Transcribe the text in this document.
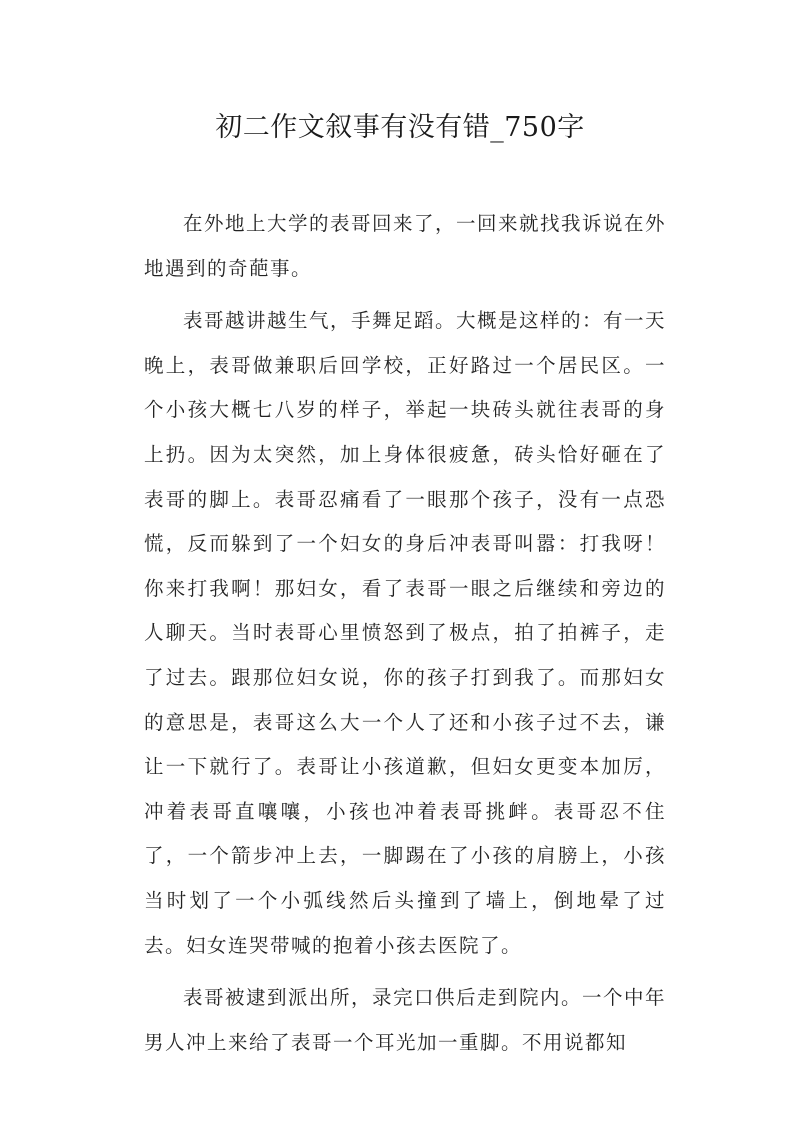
初二作文叙事有没有错_750字

在外地上大学的表哥回来了，一回来就找我诉说在外地遇到的奇葩事。

表哥越讲越生气，手舞足蹈。大概是这样的：有一天晚上，表哥做兼职后回学校，正好路过一个居民区。一个小孩大概七八岁的样子，举起一块砖头就往表哥的身上扔。因为太突然，加上身体很疲惫，砖头恰好砸在了表哥的脚上。表哥忍痛看了一眼那个孩子，没有一点恐慌，反而躲到了一个妇女的身后冲表哥叫嚣：打我呀！你来打我啊！那妇女，看了表哥一眼之后继续和旁边的人聊天。当时表哥心里愤怒到了极点，拍了拍裤子，走了过去。跟那位妇女说，你的孩子打到我了。而那妇女的意思是，表哥这么大一个人了还和小孩子过不去，谦让一下就行了。表哥让小孩道歉，但妇女更变本加厉，冲着表哥直嚷嚷，小孩也冲着表哥挑衅。表哥忍不住了，一个箭步冲上去，一脚踢在了小孩的肩膀上，小孩当时划了一个小弧线然后头撞到了墙上，倒地晕了过去。妇女连哭带喊的抱着小孩去医院了。

表哥被逮到派出所，录完口供后走到院内。一个中年男人冲上来给了表哥一个耳光加一重脚。不用说都知
